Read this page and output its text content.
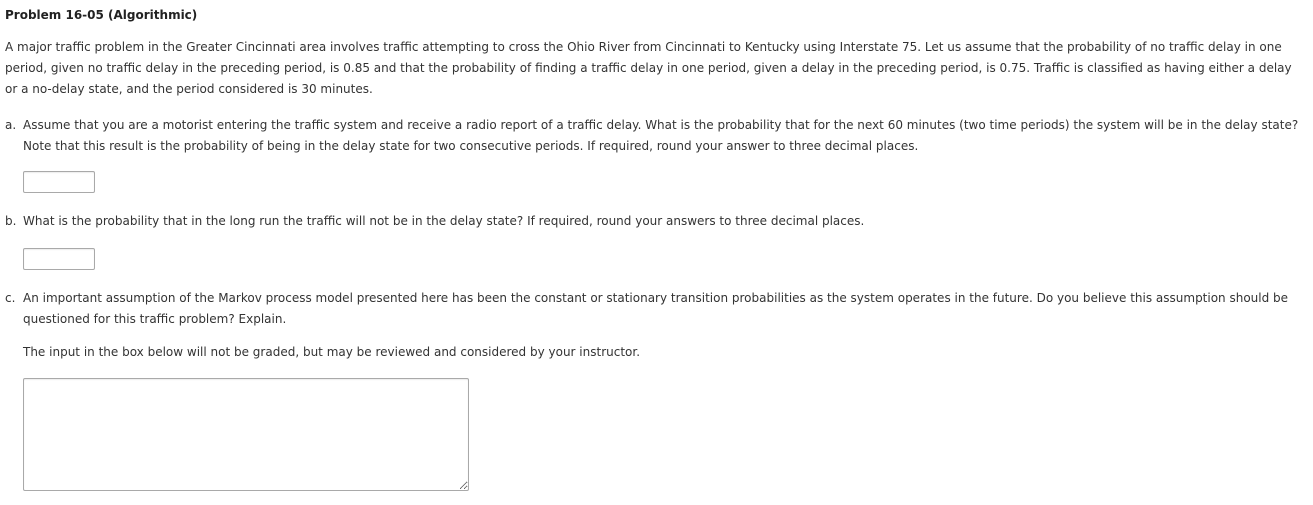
Problem 16-05 (Algorithmic)

A major traffic problem in the Greater Cincinnati area involves traffic attempting to cross the Ohio River from Cincinnati to Kentucky using Interstate 75. Let us assume that the probability of no traffic delay in one period, given no traffic delay in the preceding period, is 0.85 and that the probability of finding a traffic delay in one period, given a delay in the preceding period, is 0.75. Traffic is classified as having either a delay or a no-delay state, and the period considered is 30 minutes.

a. Assume that you are a motorist entering the traffic system and receive a radio report of a traffic delay. What is the probability that for the next 60 minutes (two time periods) the system will be in the delay state? Note that this result is the probability of being in the delay state for two consecutive periods. If required, round your answer to three decimal places.
b. What is the probability that in the long run the traffic will not be in the delay state? If required, round your answers to three decimal places.
c. An important assumption of the Markov process model presented here has been the constant or stationary transition probabilities as the system operates in the future. Do you believe this assumption should be questioned for this traffic problem? Explain.

The input in the box below will not be graded, but may be reviewed and considered by your instructor.
